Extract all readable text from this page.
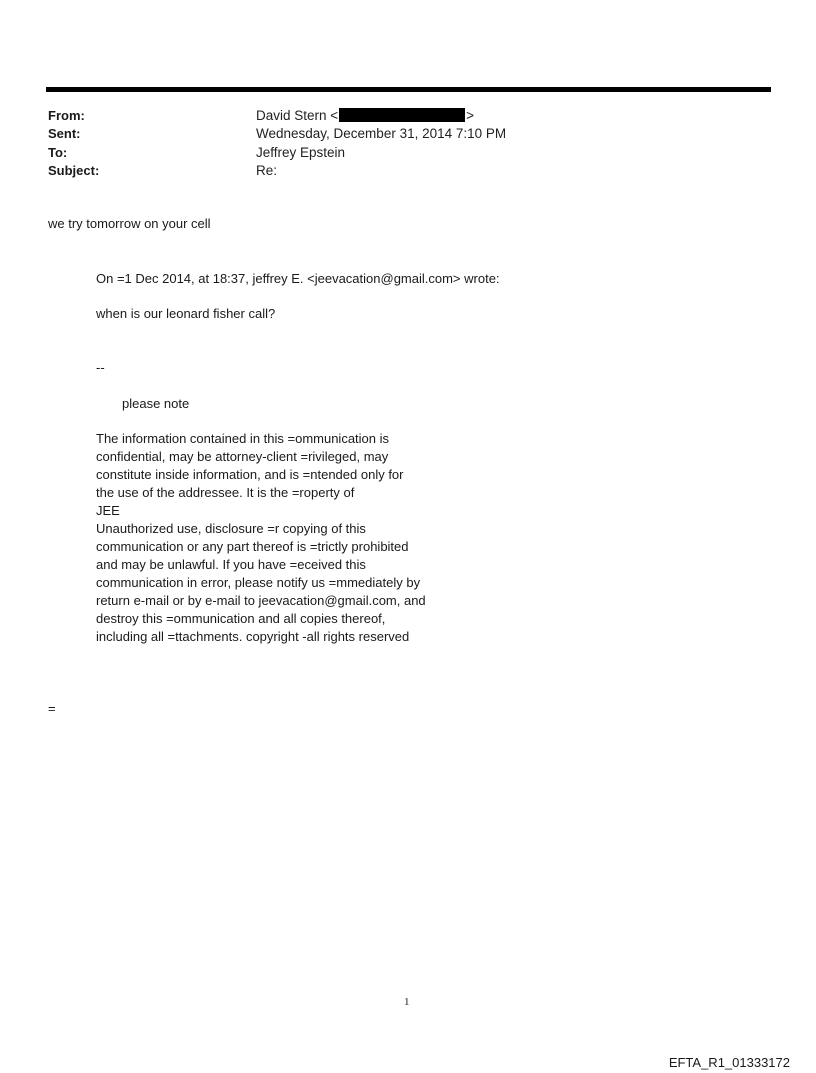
From:	David Stern <	>
Sent:	Wednesday, December 31, 2014 7:10 PM
To:	Jeffrey Epstein
Subject:	Re:
we try tomorrow on your cell
On =1 Dec 2014, at 18:37, jeffrey E. <jeevacation@gmail.com> wrote:
when is our leonard fisher call?
--
please note
The information contained in this =ommunication is
confidential, may be attorney-client =rivileged, may
constitute inside information, and is =ntended only for
the use of the addressee. It is the =roperty of
JEE
Unauthorized use, disclosure =r copying of this
communication or any part thereof is =trictly prohibited
and may be unlawful. If you have =eceived this
communication in error, please notify us =mmediately by
return e-mail or by e-mail to jeevacation@gmail.com, and
destroy this =ommunication and all copies thereof,
including all =ttachments. copyright -all rights reserved
=
1
EFTA_R1_01333172
